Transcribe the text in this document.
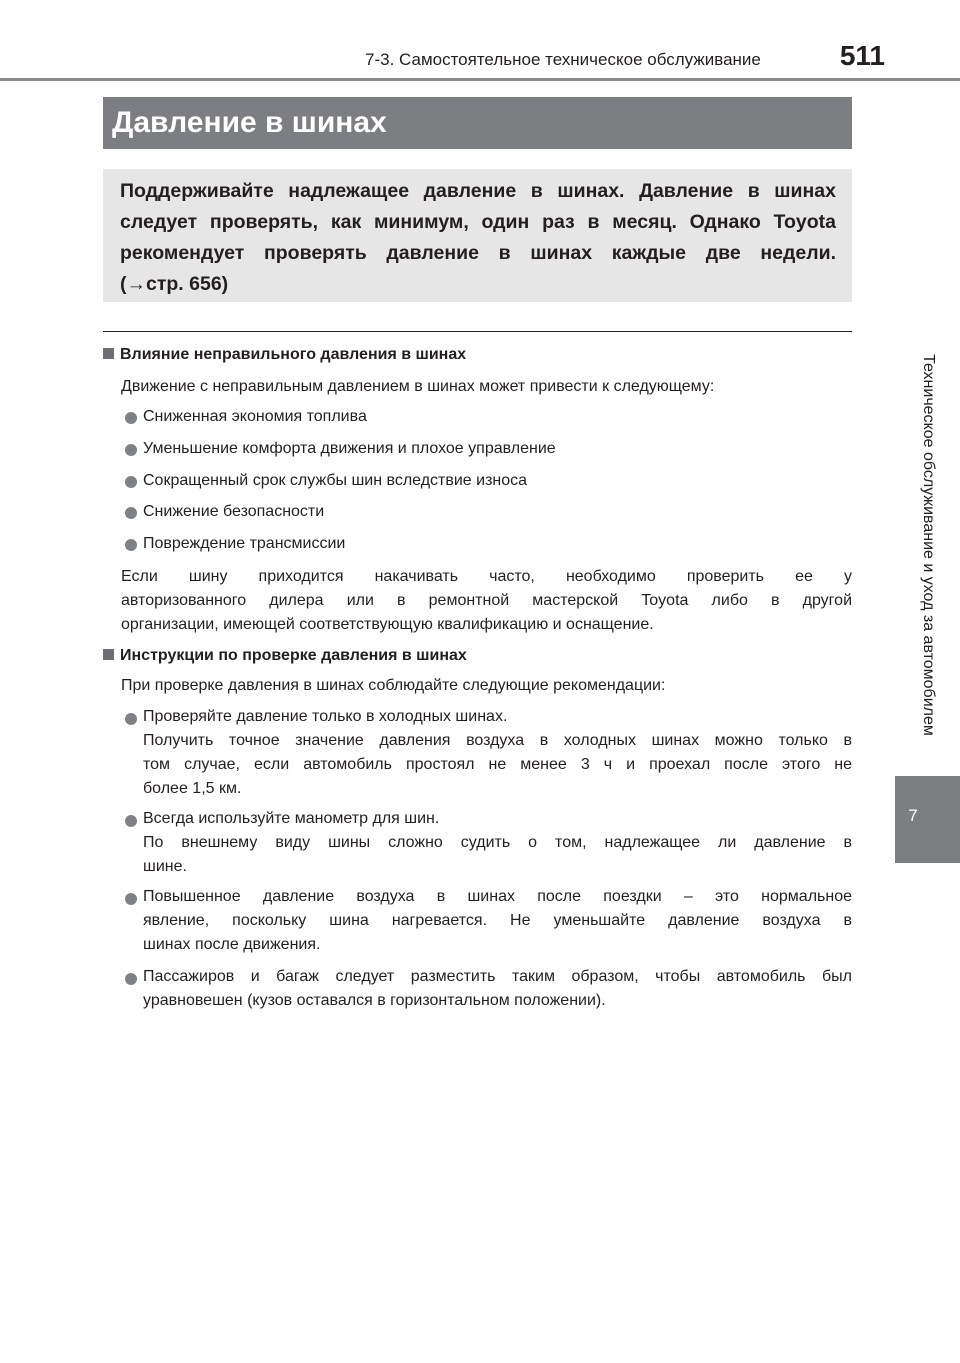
7-3. Самостоятельное техническое обслуживание	511
Давление в шинах
Поддерживайте надлежащее давление в шинах. Давление в шинах
следует проверять, как минимум, один раз в месяц. Однако Toyota
рекомендует проверять давление в шинах каждые две недели.
(→стр. 656)
Влияние неправильного давления в шинах
Движение с неправильным давлением в шинах может привести к следующему:
Сниженная экономия топлива
Уменьшение комфорта движения и плохое управление
Сокращенный срок службы шин вследствие износа
Снижение безопасности
Повреждение трансмиссии
Если шину приходится накачивать часто, необходимо проверить ее у
авторизованного дилера или в ремонтной мастерской Toyota либо в другой
организации, имеющей соответствующую квалификацию и оснащение.
Инструкции по проверке давления в шинах
При проверке давления в шинах соблюдайте следующие рекомендации:
Проверяйте давление только в холодных шинах.
Получить точное значение давления воздуха в холодных шинах можно только в
том случае, если автомобиль простоял не менее 3 ч и проехал после этого не
более 1,5 км.
Всегда используйте манометр для шин.
По внешнему виду шины сложно судить о том, надлежащее ли давление в
шине.
Повышенное давление воздуха в шинах после поездки – это нормальное
явление, поскольку шина нагревается. Не уменьшайте давление воздуха в
шинах после движения.
Пассажиров и багаж следует разместить таким образом, чтобы автомобиль был
уравновешен (кузов оставался в горизонтальном положении).
Техническое обслуживание и уход за автомобилем
7
